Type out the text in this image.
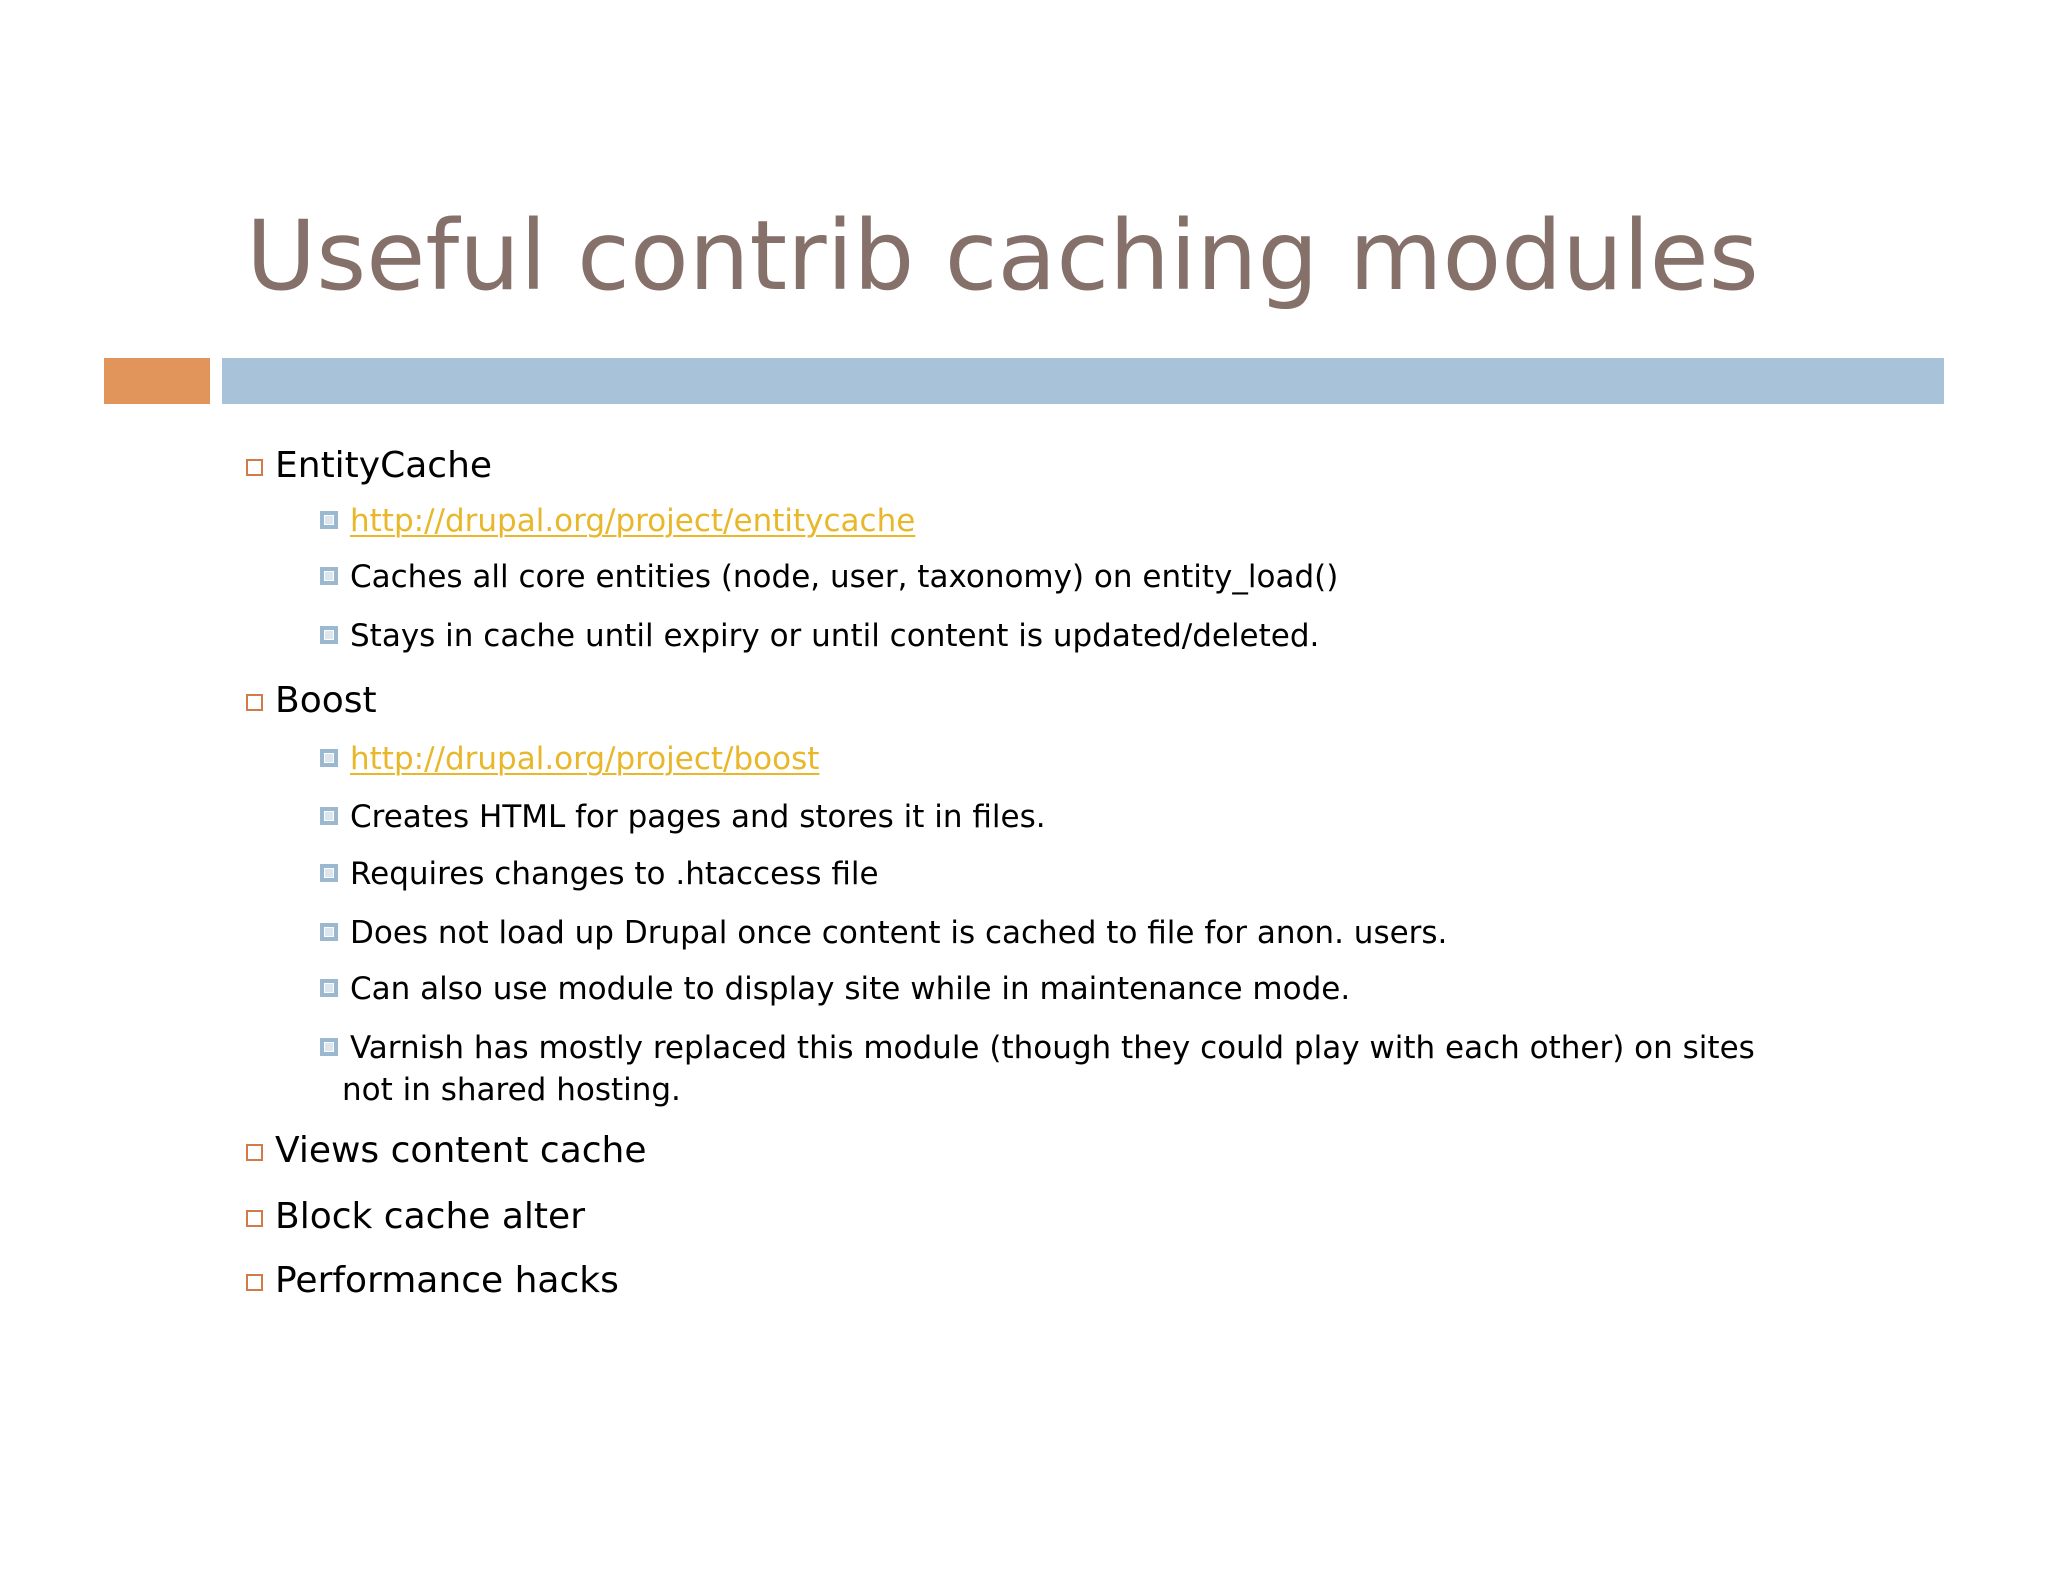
Useful contrib caching modules
EntityCache
http://drupal.org/project/entitycache
Caches all core entities (node, user, taxonomy) on entity_load()
Stays in cache until expiry or until content is updated/deleted.
Boost
http://drupal.org/project/boost
Creates HTML for pages and stores it in files.
Requires changes to .htaccess file
Does not load up Drupal once content is cached to file for anon. users.
Can also use module to display site while in maintenance mode.
Varnish has mostly replaced this module (though they could play with each other) on sites
not in shared hosting.
Views content cache
Block cache alter
Performance hacks
